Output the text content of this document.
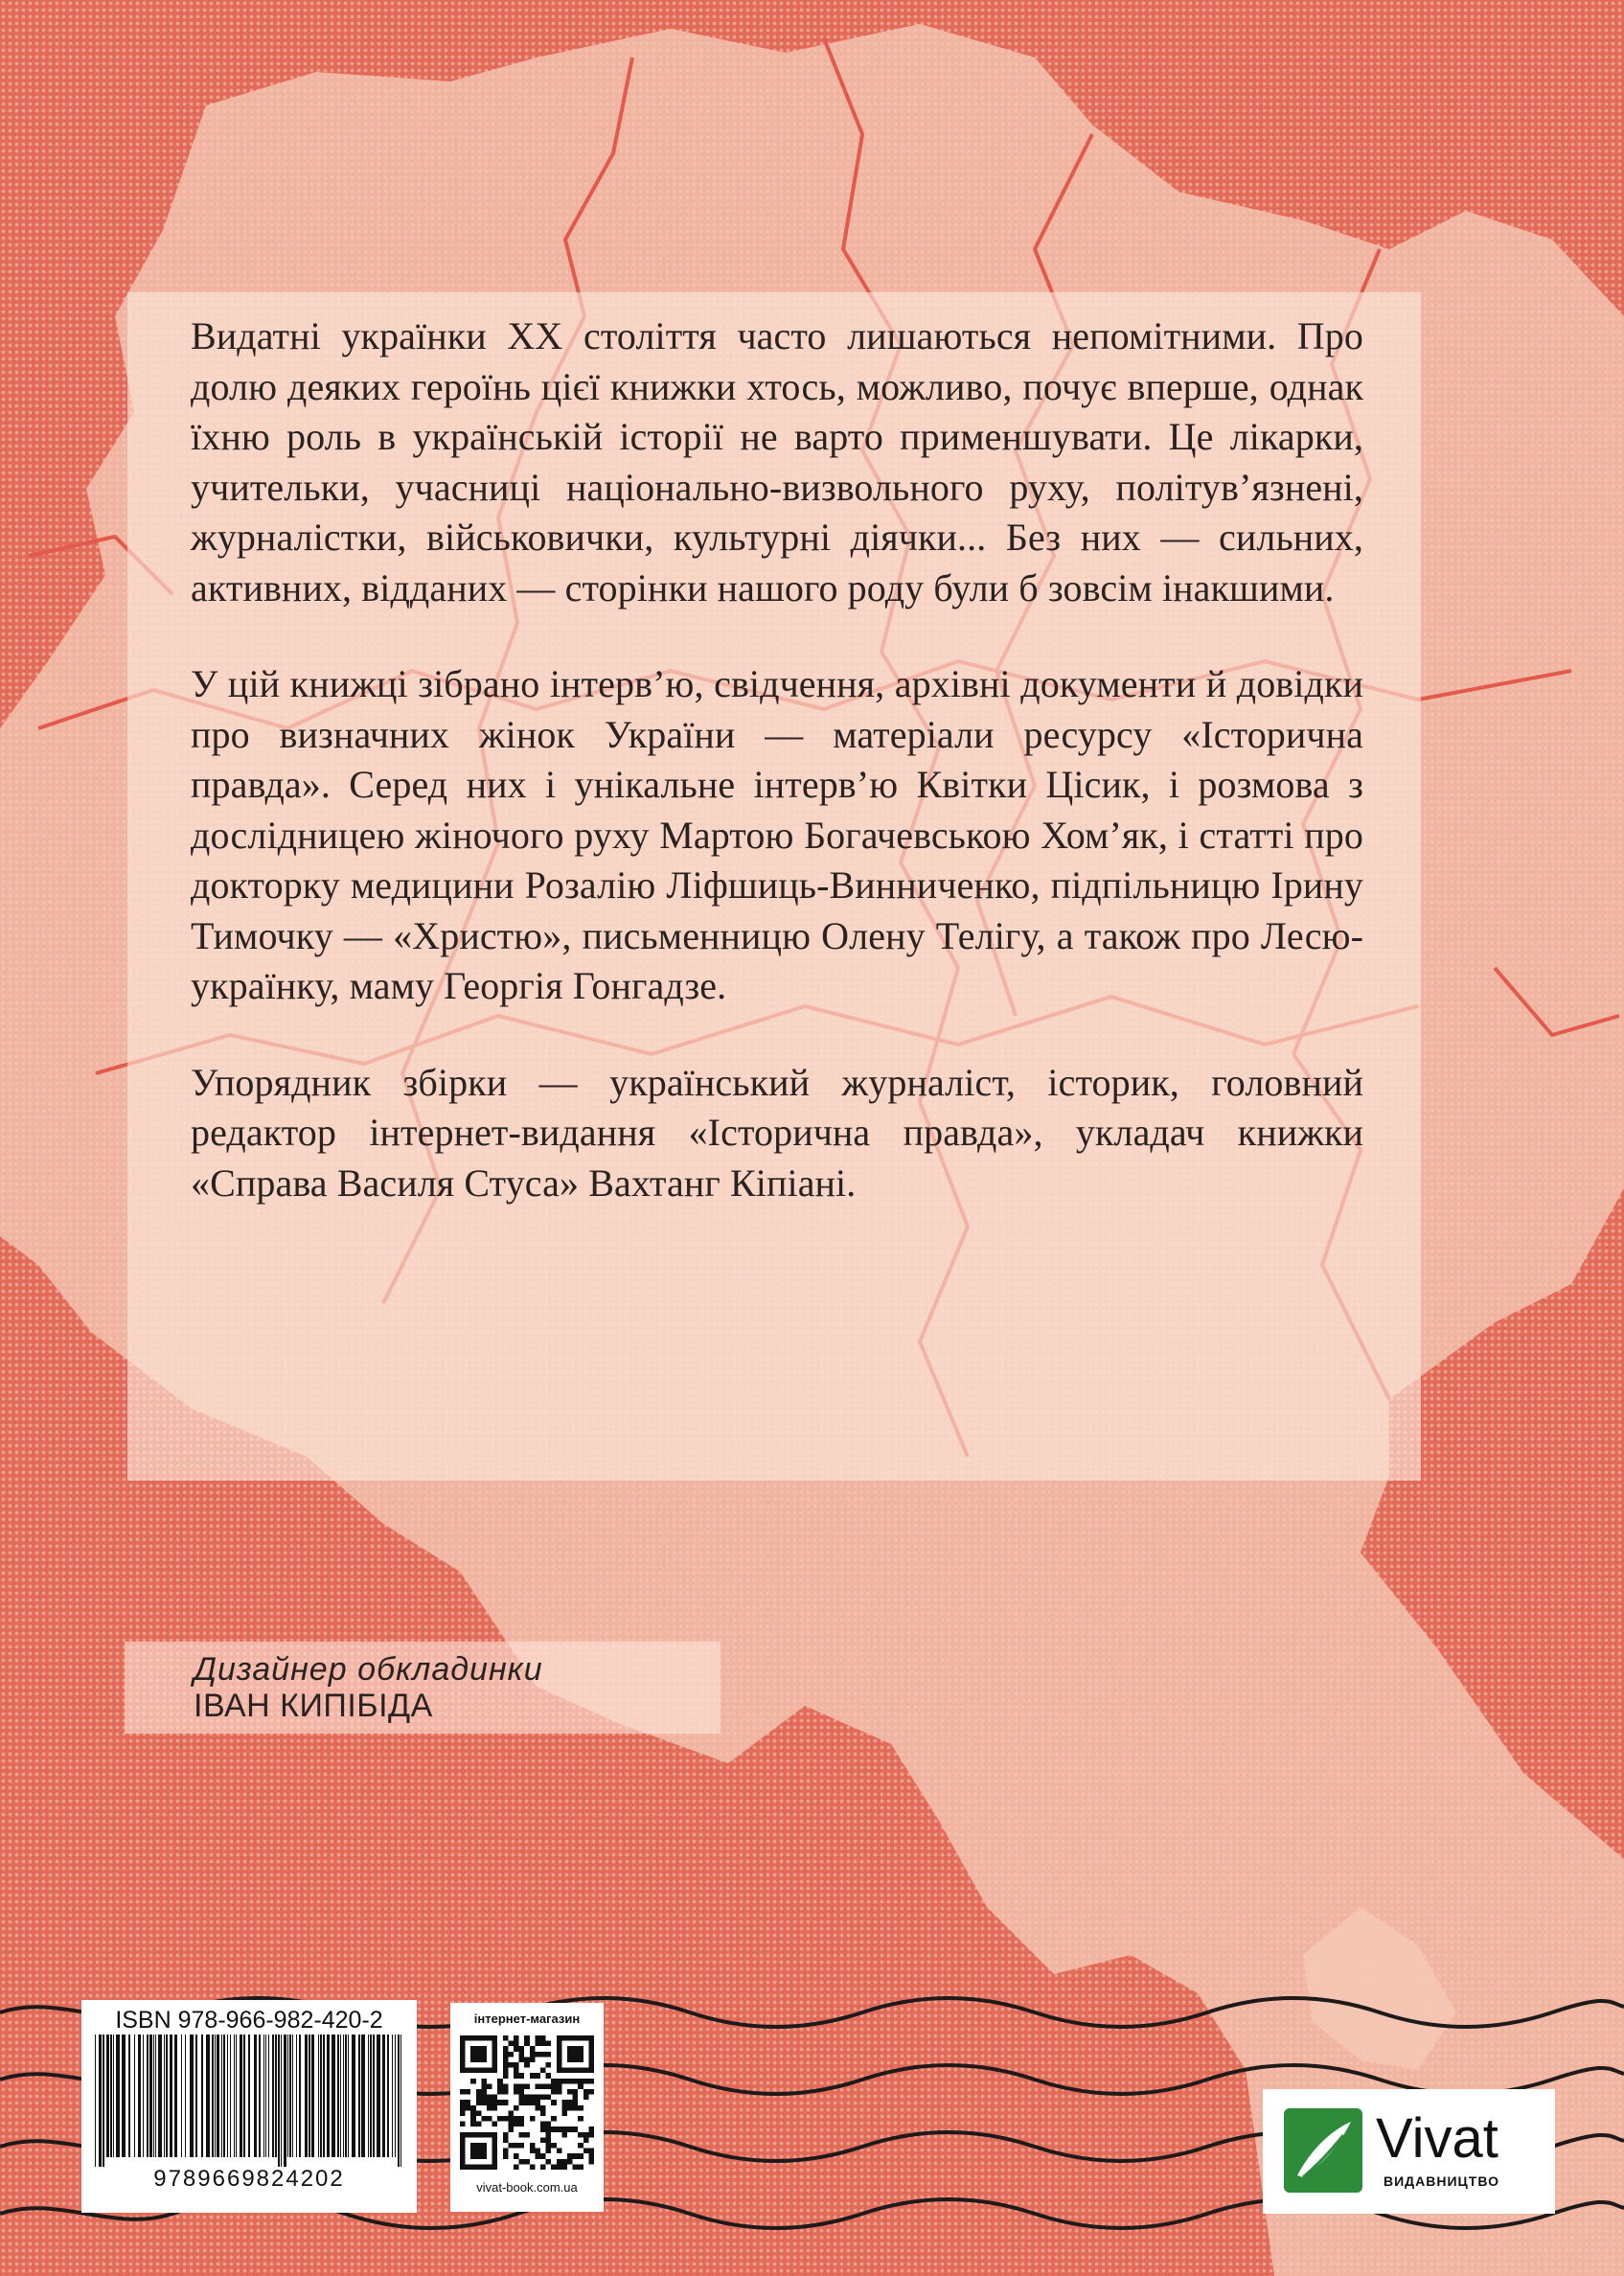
Видатні українки XX століття часто лишаються непомітними. Про долю деяких героїнь цієї книжки хтось, можливо, почує вперше, однак їхню роль в українській історії не варто применшувати. Це лікарки, учительки, учасниці національно-визвольного руху, політув’язнені, журналістки, військовички, культурні діячки... Без них — сильних, активних, відданих — сторінки нашого роду були б зовсім інакшими.

У цій книжці зібрано інтерв’ю, свідчення, архівні документи й довідки про визначних жінок України — матеріали ресурсу «Історична правда». Серед них і унікальне інтерв’ю Квітки Цісик, і розмова з дослідницею жіночого руху Мартою Богачевською Хом’як, і статті про докторку медицини Розалію Ліфшиць-Винниченко, підпільницю Ірину Тимочку — «Христю», письменницю Олену Телігу, а також про Лесю-українку, маму Георгія Гонгадзе.

Упорядник збірки — український журналіст, історик, головний редактор інтернет-видання «Історична правда», укладач книжки «Справа Василя Стуса» Вахтанг Кіпіані.

Дизайнер обкладинки
ІВАН КИПІБІДА
ISBN 978-966-982-420-2
9789669824202
інтернет-магазин
vivat-book.com.ua
Vivat
ВИДАВНИЦТВО
